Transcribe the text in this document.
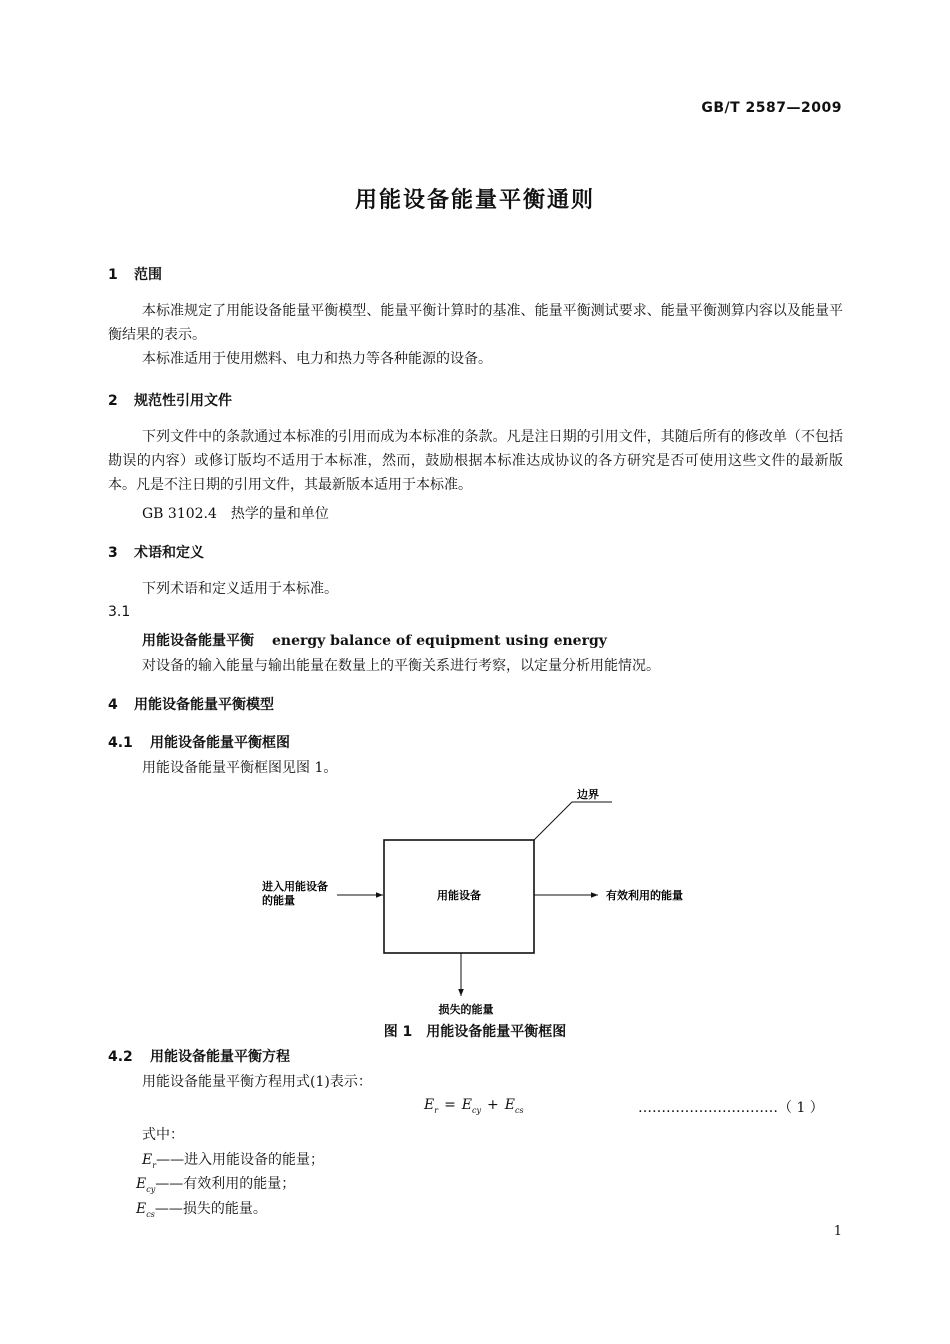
GB/T 2587—2009
用能设备能量平衡通则
1 范围
本标准规定了用能设备能量平衡模型、能量平衡计算时的基准、能量平衡测试要求、能量平衡测算内容以及能量平衡结果的表示。
本标准适用于使用燃料、电力和热力等各种能源的设备。
2 规范性引用文件
下列文件中的条款通过本标准的引用而成为本标准的条款。凡是注日期的引用文件，其随后所有的修改单（不包括勘误的内容）或修订版均不适用于本标准，然而，鼓励根据本标准达成协议的各方研究是否可使用这些文件的最新版本。凡是不注日期的引用文件，其最新版本适用于本标准。
GB 3102.4　热学的量和单位
3 术语和定义
下列术语和定义适用于本标准。
3.1
用能设备能量平衡 energy balance of equipment using energy
对设备的输入能量与输出能量在数量上的平衡关系进行考察，以定量分析用能情况。
4 用能设备能量平衡模型
4.1 用能设备能量平衡框图
用能设备能量平衡框图见图 1。
边界
进入用能设备
的能量	用能设备	有效利用的能量
损失的能量
图 1　用能设备能量平衡框图
4.2 用能设备能量平衡方程
用能设备能量平衡方程用式(1)表示：
$E_r = E_{cy} + E_{cs}$	…………………………（ 1 ）
式中：
$E_r——$进入用能设备的能量；
$E_{cy}——$有效利用的能量；
$E_{cs}——$损失的能量。
1
